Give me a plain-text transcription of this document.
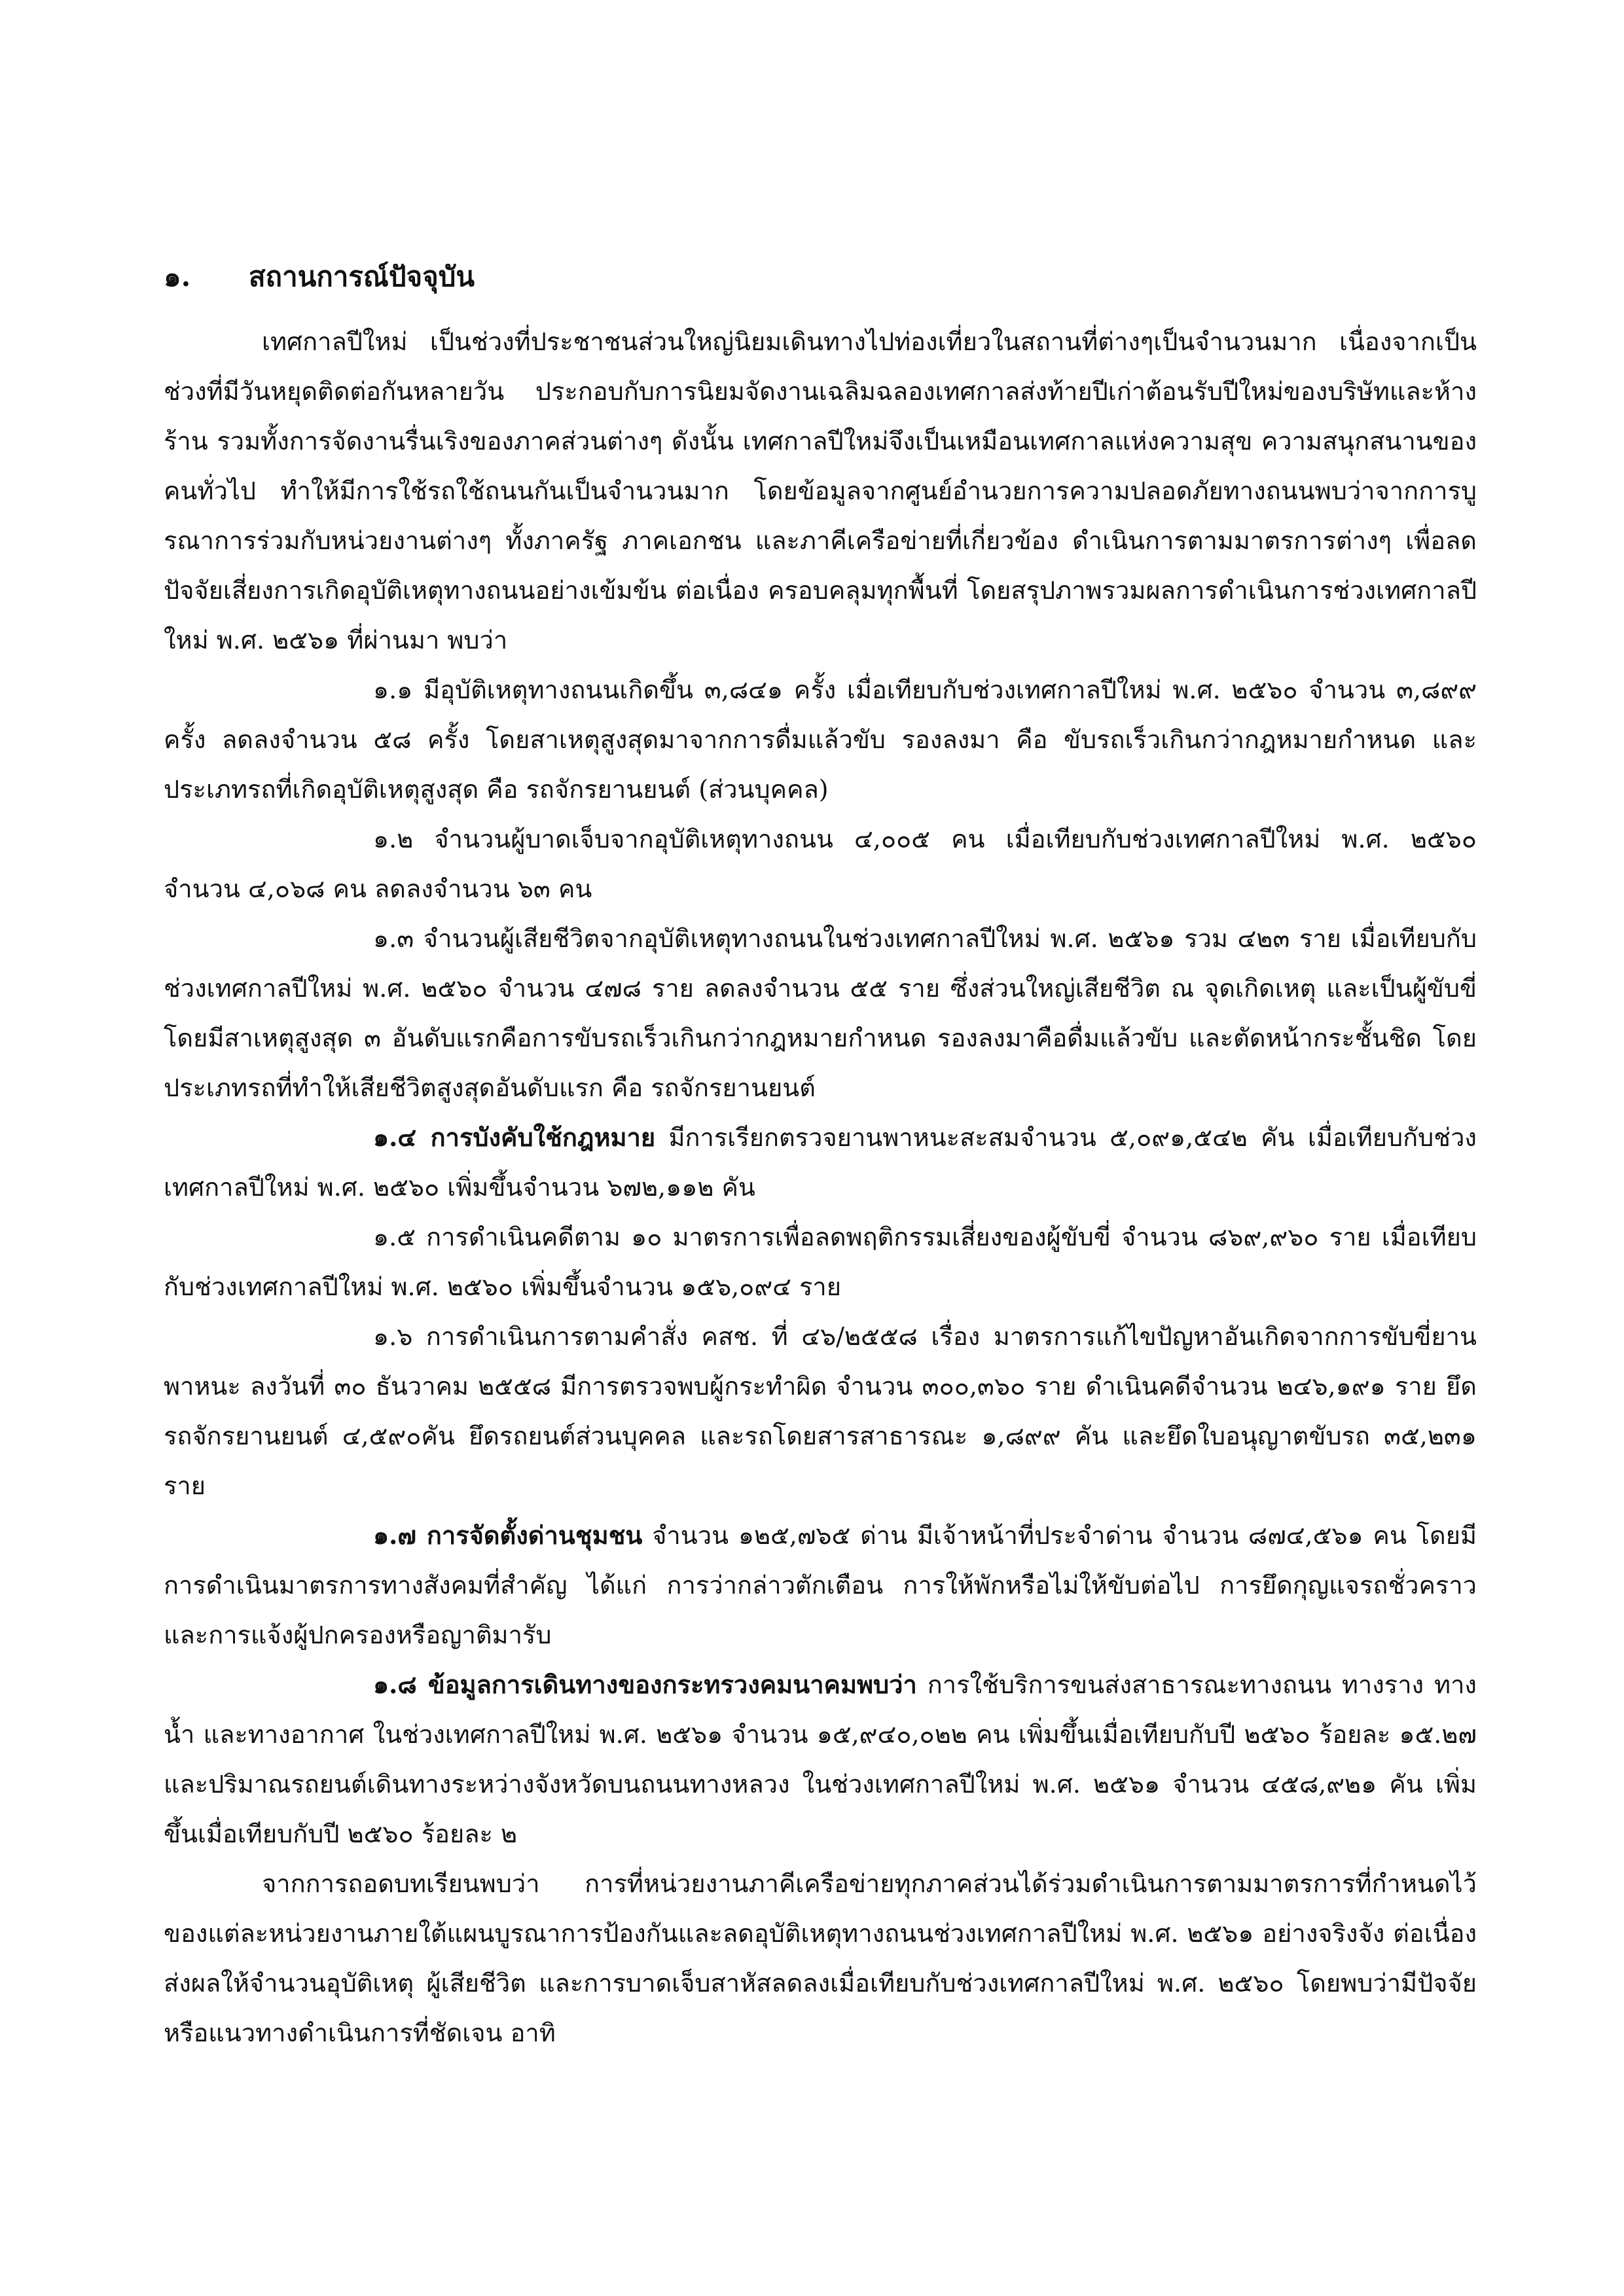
๑.	สถานการณ์ปัจจุบัน

เทศกาลปีใหม่ เป็นช่วงที่ประชาชนส่วนใหญ่นิยมเดินทางไปท่องเที่ยวในสถานที่ต่างๆเป็นจำนวนมาก เนื่องจากเป็นช่วงที่มีวันหยุดติดต่อกันหลายวัน ประกอบกับการนิยมจัดงานเฉลิมฉลองเทศกาลส่งท้ายปีเก่าต้อนรับปีใหม่ของบริษัทและห้างร้าน รวมทั้งการจัดงานรื่นเริงของภาคส่วนต่างๆ ดังนั้น เทศกาลปีใหม่จึงเป็นเหมือนเทศกาลแห่งความสุข ความสนุกสนานของคนทั่วไป ทำให้มีการใช้รถใช้ถนนกันเป็นจำนวนมาก โดยข้อมูลจากศูนย์อำนวยการความปลอดภัยทางถนนพบว่าจากการบูรณาการร่วมกับหน่วยงานต่างๆ ทั้งภาครัฐ ภาคเอกชน และภาคีเครือข่ายที่เกี่ยวข้อง ดำเนินการตามมาตรการต่างๆ เพื่อลดปัจจัยเสี่ยงการเกิดอุบัติเหตุทางถนนอย่างเข้มข้น ต่อเนื่อง ครอบคลุมทุกพื้นที่ โดยสรุปภาพรวมผลการดำเนินการช่วงเทศกาลปีใหม่ พ.ศ. ๒๕๖๑ ที่ผ่านมา พบว่า

๑.๑ มีอุบัติเหตุทางถนนเกิดขึ้น ๓,๘๔๑ ครั้ง เมื่อเทียบกับช่วงเทศกาลปีใหม่ พ.ศ. ๒๕๖๐ จำนวน ๓,๘๙๙ ครั้ง ลดลงจำนวน ๕๘ ครั้ง โดยสาเหตุสูงสุดมาจากการดื่มแล้วขับ รองลงมา คือ ขับรถเร็วเกินกว่ากฎหมายกำหนด และประเภทรถที่เกิดอุบัติเหตุสูงสุด คือ รถจักรยานยนต์ (ส่วนบุคคล)

๑.๒ จำนวนผู้บาดเจ็บจากอุบัติเหตุทางถนน ๔,๐๐๕ คน เมื่อเทียบกับช่วงเทศกาลปีใหม่ พ.ศ. ๒๕๖๐ จำนวน ๔,๐๖๘ คน ลดลงจำนวน ๖๓ คน

๑.๓ จำนวนผู้เสียชีวิตจากอุบัติเหตุทางถนนในช่วงเทศกาลปีใหม่ พ.ศ. ๒๕๖๑ รวม ๔๒๓ ราย เมื่อเทียบกับช่วงเทศกาลปีใหม่ พ.ศ. ๒๕๖๐ จำนวน ๔๗๘ ราย ลดลงจำนวน ๕๕ ราย ซึ่งส่วนใหญ่เสียชีวิต ณ จุดเกิดเหตุ และเป็นผู้ขับขี่ โดยมีสาเหตุสูงสุด ๓ อันดับแรกคือการขับรถเร็วเกินกว่ากฎหมายกำหนด รองลงมาคือดื่มแล้วขับ และตัดหน้ากระชั้นชิด โดยประเภทรถที่ทำให้เสียชีวิตสูงสุดอันดับแรก คือ รถจักรยานยนต์

๑.๔ การบังคับใช้กฎหมาย มีการเรียกตรวจยานพาหนะสะสมจำนวน ๕,๐๙๑,๕๔๒ คัน เมื่อเทียบกับช่วงเทศกาลปีใหม่ พ.ศ. ๒๕๖๐ เพิ่มขึ้นจำนวน ๖๗๒,๑๑๒ คัน

๑.๕ การดำเนินคดีตาม ๑๐ มาตรการเพื่อลดพฤติกรรมเสี่ยงของผู้ขับขี่ จำนวน ๘๖๙,๙๖๐ ราย เมื่อเทียบกับช่วงเทศกาลปีใหม่ พ.ศ. ๒๕๖๐ เพิ่มขึ้นจำนวน ๑๕๖,๐๙๔ ราย

๑.๖ การดำเนินการตามคำสั่ง คสช. ที่ ๔๖/๒๕๕๘ เรื่อง มาตรการแก้ไขปัญหาอันเกิดจากการขับขี่ยานพาหนะ ลงวันที่ ๓๐ ธันวาคม ๒๕๕๘ มีการตรวจพบผู้กระทำผิด จำนวน ๓๐๐,๓๖๐ ราย ดำเนินคดีจำนวน ๒๔๖,๑๙๑ ราย ยึดรถจักรยานยนต์ ๔,๕๙๐คัน ยึดรถยนต์ส่วนบุคคล และรถโดยสารสาธารณะ ๑,๘๙๙ คัน และยึดใบอนุญาตขับรถ ๓๕,๒๓๑ ราย

๑.๗ การจัดตั้งด่านชุมชน จำนวน ๑๒๕,๗๖๕ ด่าน มีเจ้าหน้าที่ประจำด่าน จำนวน ๘๗๔,๕๖๑ คน โดยมีการดำเนินมาตรการทางสังคมที่สำคัญ ได้แก่ การว่ากล่าวตักเตือน การให้พักหรือไม่ให้ขับต่อไป การยึดกุญแจรถชั่วคราว และการแจ้งผู้ปกครองหรือญาติมารับ

๑.๘ ข้อมูลการเดินทางของกระทรวงคมนาคมพบว่า การใช้บริการขนส่งสาธารณะทางถนน ทางราง ทางน้ำ และทางอากาศ ในช่วงเทศกาลปีใหม่ พ.ศ. ๒๕๖๑ จำนวน ๑๕,๙๔๐,๐๒๒ คน เพิ่มขึ้นเมื่อเทียบกับปี ๒๕๖๐ ร้อยละ ๑๕.๒๗ และปริมาณรถยนต์เดินทางระหว่างจังหวัดบนถนนทางหลวง ในช่วงเทศกาลปีใหม่ พ.ศ. ๒๕๖๑ จำนวน ๔๕๘,๙๒๑ คัน เพิ่มขึ้นเมื่อเทียบกับปี ๒๕๖๐ ร้อยละ ๒

จากการถอดบทเรียนพบว่า การที่หน่วยงานภาคีเครือข่ายทุกภาคส่วนได้ร่วมดำเนินการตามมาตรการที่กำหนดไว้ของแต่ละหน่วยงานภายใต้แผนบูรณาการป้องกันและลดอุบัติเหตุทางถนนช่วงเทศกาลปีใหม่ พ.ศ. ๒๕๖๑ อย่างจริงจัง ต่อเนื่อง ส่งผลให้จำนวนอุบัติเหตุ ผู้เสียชีวิต และการบาดเจ็บสาหัสลดลงเมื่อเทียบกับช่วงเทศกาลปีใหม่ พ.ศ. ๒๕๖๐ โดยพบว่ามีปัจจัยหรือแนวทางดำเนินการที่ชัดเจน อาทิ
